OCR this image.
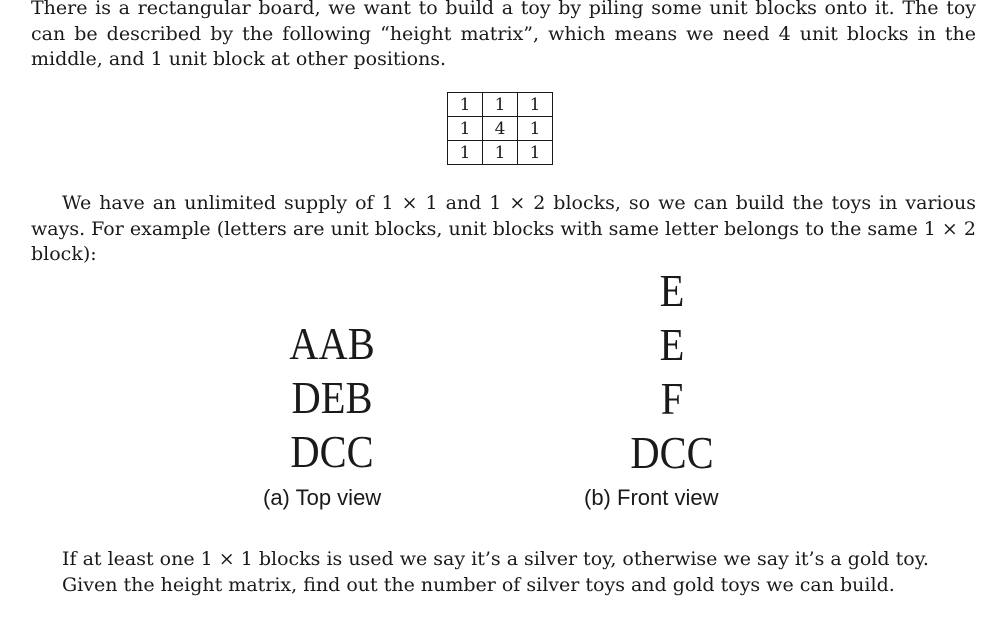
There is a rectangular board, we want to build a toy by piling some unit blocks onto it. The toy can be described by the following “height matrix”, which means we need 4 unit blocks in the middle, and 1 unit block at other positions.

1	1	1
1	4	1
1	1	1

We have an unlimited supply of 1 × 1 and 1 × 2 blocks, so we can build the toys in various ways. For example (letters are unit blocks, unit blocks with same letter belongs to the same 1 × 2 block):

AAB
DEB
DCC
E
E
F
DCC
(a) Top view	(b) Front view

If at least one 1 × 1 blocks is used we say it’s a silver toy, otherwise we say it’s a gold toy.

Given the height matrix, find out the number of silver toys and gold toys we can build.
